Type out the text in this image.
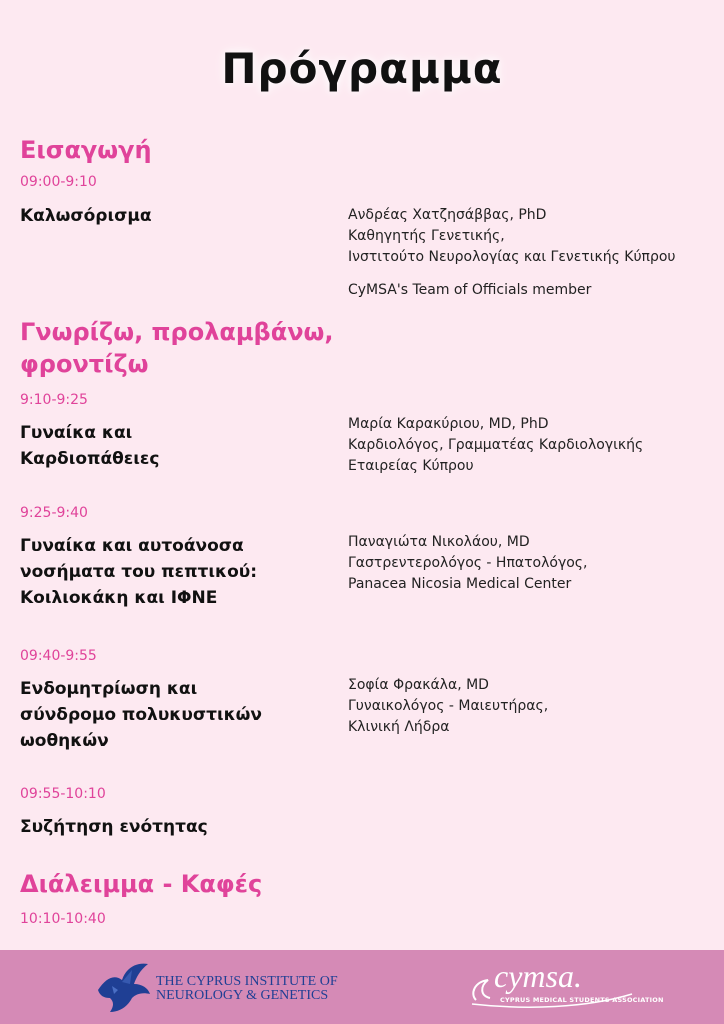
Πρόγραμμα
Εισαγωγή
09:00-9:10
Καλωσόρισμα	Ανδρέας Χατζησάββας, PhD
Καθηγητής Γενετικής,
Ινστιτούτο Νευρολογίας και Γενετικής Κύπρου
CyMSA's Team of Officials member
Γνωρίζω, προλαμβάνω,
φροντίζω
9:10-9:25
Γυναίκα και
Καρδιοπάθειες
Μαρία Καρακύριου, MD, PhD
Καρδιολόγος, Γραμματέας Καρδιολογικής
Εταιρείας Κύπρου
9:25-9:40
Γυναίκα και αυτοάνοσα
νοσήματα του πεπτικού:
Κοιλιοκάκη και ΙΦΝΕ
Παναγιώτα Νικολάου, MD
Γαστρεντερολόγος - Ηπατολόγος,
Panacea Nicosia Medical Center
09:40-9:55
Ενδομητρίωση και
σύνδρομο πολυκυστικών
ωοθηκών
Σοφία Φρακάλα, MD
Γυναικολόγος - Μαιευτήρας,
Κλινική Λήδρα
09:55-10:10
Συζήτηση ενότητας
Διάλειμμα - Καφές
10:10-10:40
THE CYPRUS INSTITUTE OF
NEUROLOGY & GENETICS
cymsa.
CYPRUS MEDICAL STUDENTS ASSOCIATION
